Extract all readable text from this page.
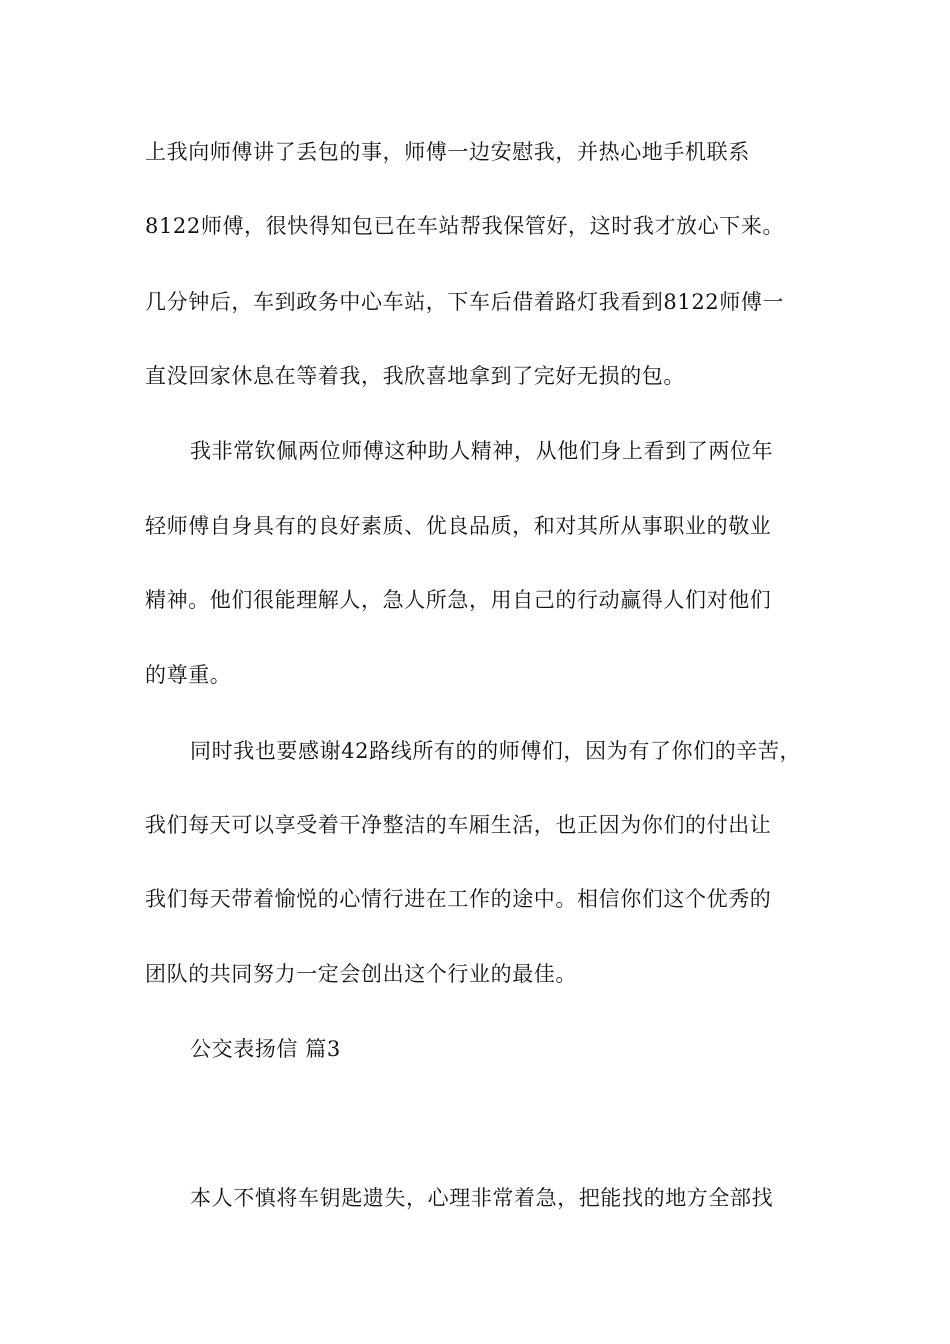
上我向师傅讲了丢包的事，师傅一边安慰我，并热心地手机联系
8122师傅，很快得知包已在车站帮我保管好，这时我才放心下来。
几分钟后，车到政务中心车站，下车后借着路灯我看到8122师傅一
直没回家休息在等着我，我欣喜地拿到了完好无损的包。
我非常钦佩两位师傅这种助人精神，从他们身上看到了两位年
轻师傅自身具有的良好素质、优良品质，和对其所从事职业的敬业
精神。他们很能理解人，急人所急，用自己的行动赢得人们对他们
的尊重。
同时我也要感谢42路线所有的的师傅们，因为有了你们的辛苦，
我们每天可以享受着干净整洁的车厢生活，也正因为你们的付出让
我们每天带着愉悦的心情行进在工作的途中。相信你们这个优秀的
团队的共同努力一定会创出这个行业的最佳。
公交表扬信 篇3
本人不慎将车钥匙遗失，心理非常着急，把能找的地方全部找
